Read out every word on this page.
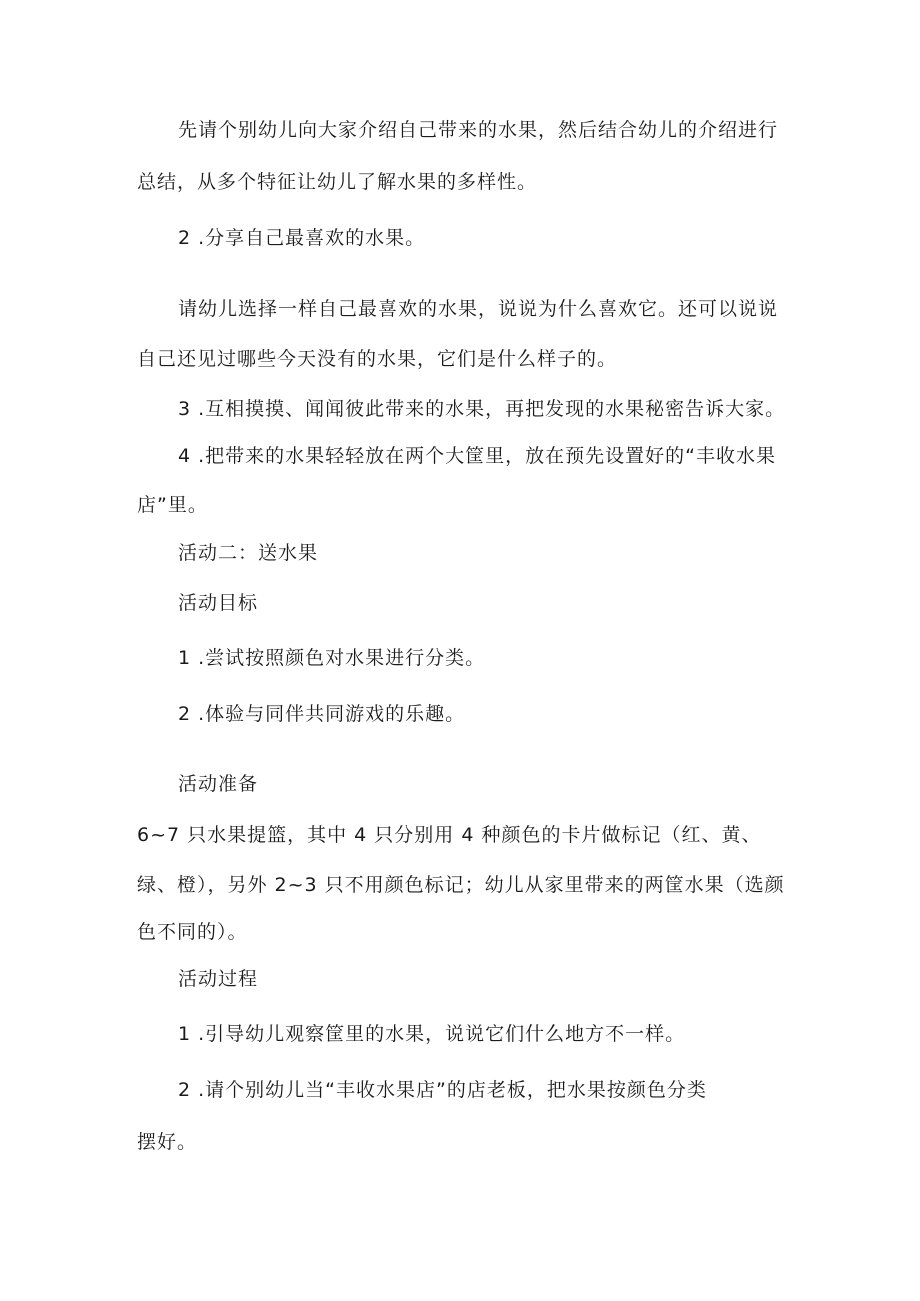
先请个别幼儿向大家介绍自己带来的水果，然后结合幼儿的介绍进行
总结，从多个特征让幼儿了解水果的多样性。
2 .分享自己最喜欢的水果。
请幼儿选择一样自己最喜欢的水果，说说为什么喜欢它。还可以说说
自己还见过哪些今天没有的水果，它们是什么样子的。
3 .互相摸摸、闻闻彼此带来的水果，再把发现的水果秘密告诉大家。
4 .把带来的水果轻轻放在两个大筐里，放在预先设置好的“丰收水果
店”里。
活动二：送水果
活动目标
1 .尝试按照颜色对水果进行分类。
2 .体验与同伴共同游戏的乐趣。
活动准备
6~7 只水果提篮，其中 4 只分别用 4 种颜色的卡片做标记（红、黄、
绿、橙），另外 2~3 只不用颜色标记；幼儿从家里带来的两筐水果（选颜
色不同的）。
活动过程
1 .引导幼儿观察筐里的水果，说说它们什么地方不一样。
2 .请个别幼儿当“丰收水果店”的店老板，把水果按颜色分类
摆好。
